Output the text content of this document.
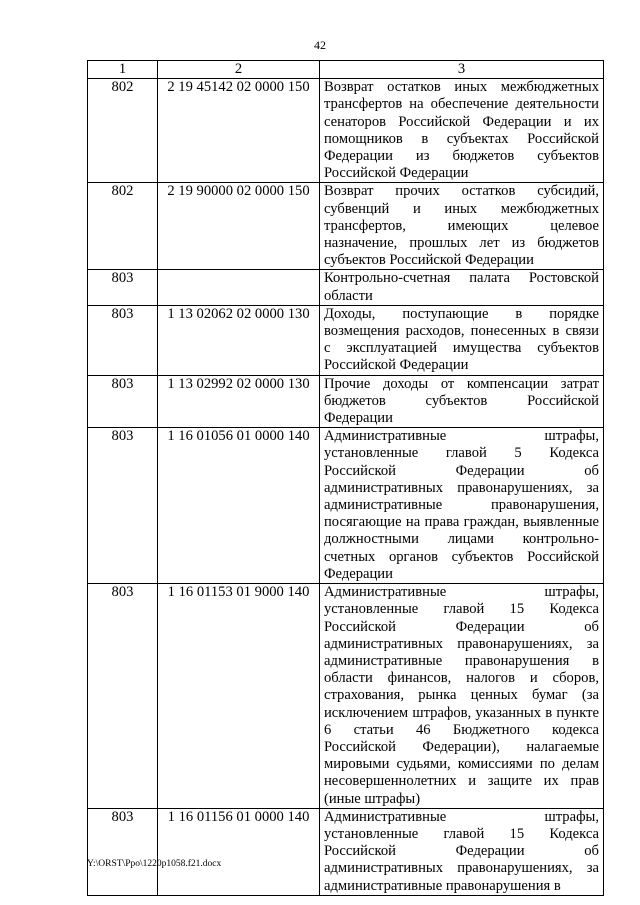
42
1	2	3
802	2 19 45142 02 0000 150	Возврат остатков иных межбюджетных трансфертов на обеспечение деятельности сенаторов Российской Федерации и их помощников в субъектах Российской Федерации из бюджетов субъектов Российской Федерации
802	2 19 90000 02 0000 150	Возврат прочих остатков субсидий, субвенций и иных межбюджетных трансфертов, имеющих целевое назначение, прошлых лет из бюджетов субъектов Российской Федерации
803		Контрольно-счетная палата Ростовской области
803	1 13 02062 02 0000 130	Доходы, поступающие в порядке возмещения расходов, понесенных в связи с эксплуатацией имущества субъектов Российской Федерации
803	1 13 02992 02 0000 130	Прочие доходы от компенсации затрат бюджетов субъектов Российской Федерации
803	1 16 01056 01 0000 140	Административные штрафы, установленные главой 5 Кодекса Российской Федерации об административных правонарушениях, за административные правонарушения, посягающие на права граждан, выявленные должностными лицами контрольно-счетных органов субъектов Российской Федерации
803	1 16 01153 01 9000 140	Административные штрафы, установленные главой 15 Кодекса Российской Федерации об административных правонарушениях, за административные правонарушения в области финансов, налогов и сборов, страхования, рынка ценных бумаг (за исключением штрафов, указанных в пункте 6 статьи 46 Бюджетного кодекса Российской Федерации), налагаемые мировыми судьями, комиссиями по делам несовершеннолетних и защите их прав (иные штрафы)
803	1 16 01156 01 0000 140	Административные штрафы, установленные главой 15 Кодекса Российской Федерации об административных правонарушениях, за административные правонарушения в
Y:\ORST\Ppo\1220p1058.f21.docx
